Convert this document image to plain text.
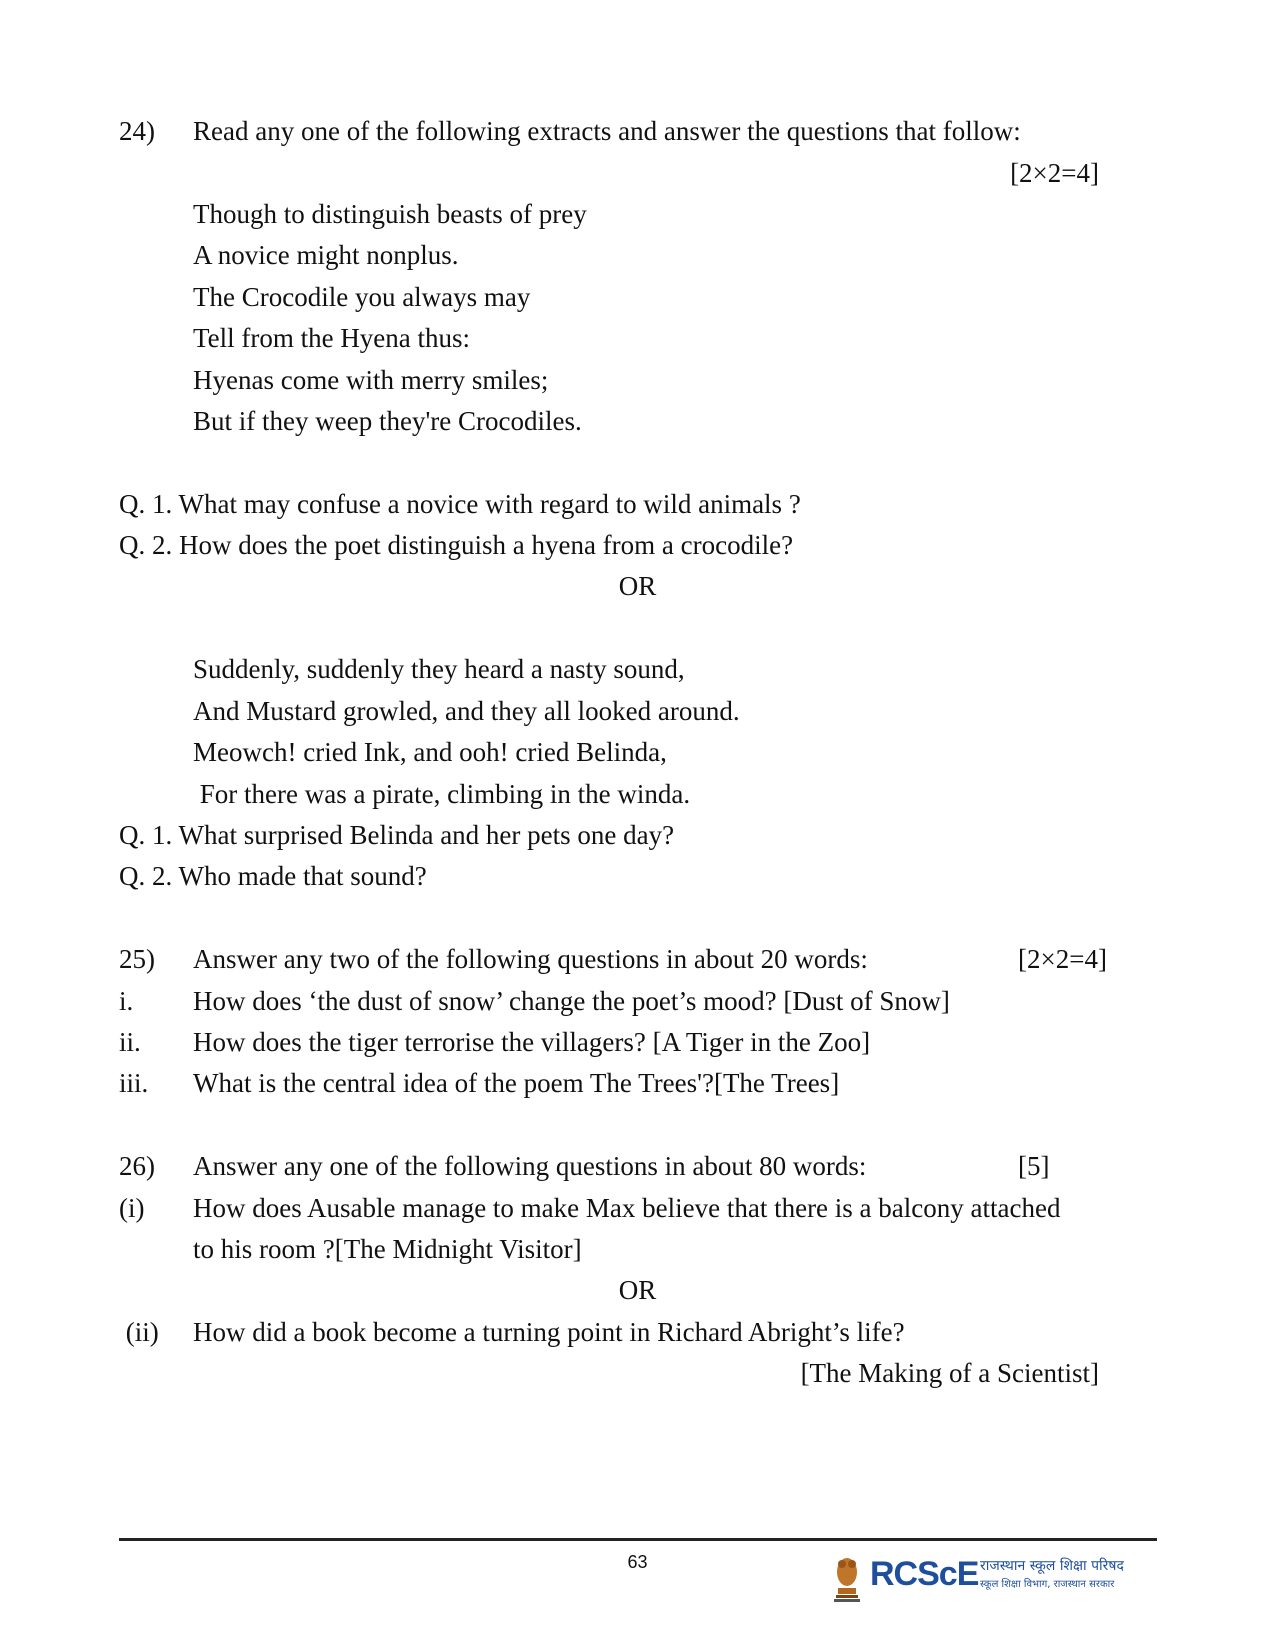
24) Read any one of the following extracts and answer the questions that follow:
[2×2=4]
Though to distinguish beasts of prey
A novice might nonplus.
The Crocodile you always may
Tell from the Hyena thus:
Hyenas come with merry smiles;
But if they weep they're Crocodiles.
Q. 1. What may confuse a novice with regard to wild animals ?
Q. 2. How does the poet distinguish a hyena from a crocodile?
OR
Suddenly, suddenly they heard a nasty sound,
And Mustard growled, and they all looked around.
Meowch! cried Ink, and ooh! cried Belinda,
For there was a pirate, climbing in the winda.
Q. 1. What surprised Belinda and her pets one day?
Q. 2. Who made that sound?
25) Answer any two of the following questions in about 20 words:	[2×2=4]
i. How does ‘the dust of snow’ change the poet’s mood? [Dust of Snow]
ii. How does the tiger terrorise the villagers? [A Tiger in the Zoo]
iii. What is the central idea of the poem The Trees'?[The Trees]
26) Answer any one of the following questions in about 80 words:	[5]
(i) How does Ausable manage to make Max believe that there is a balcony attached
to his room ?[The Midnight Visitor]
OR
(ii) How did a book become a turning point in Richard Abright’s life?
[The Making of a Scientist]
63	RCScE राजस्थान स्कूल शिक्षा परिषद
स्कूल शिक्षा विभाग, राजस्थान सरकार
